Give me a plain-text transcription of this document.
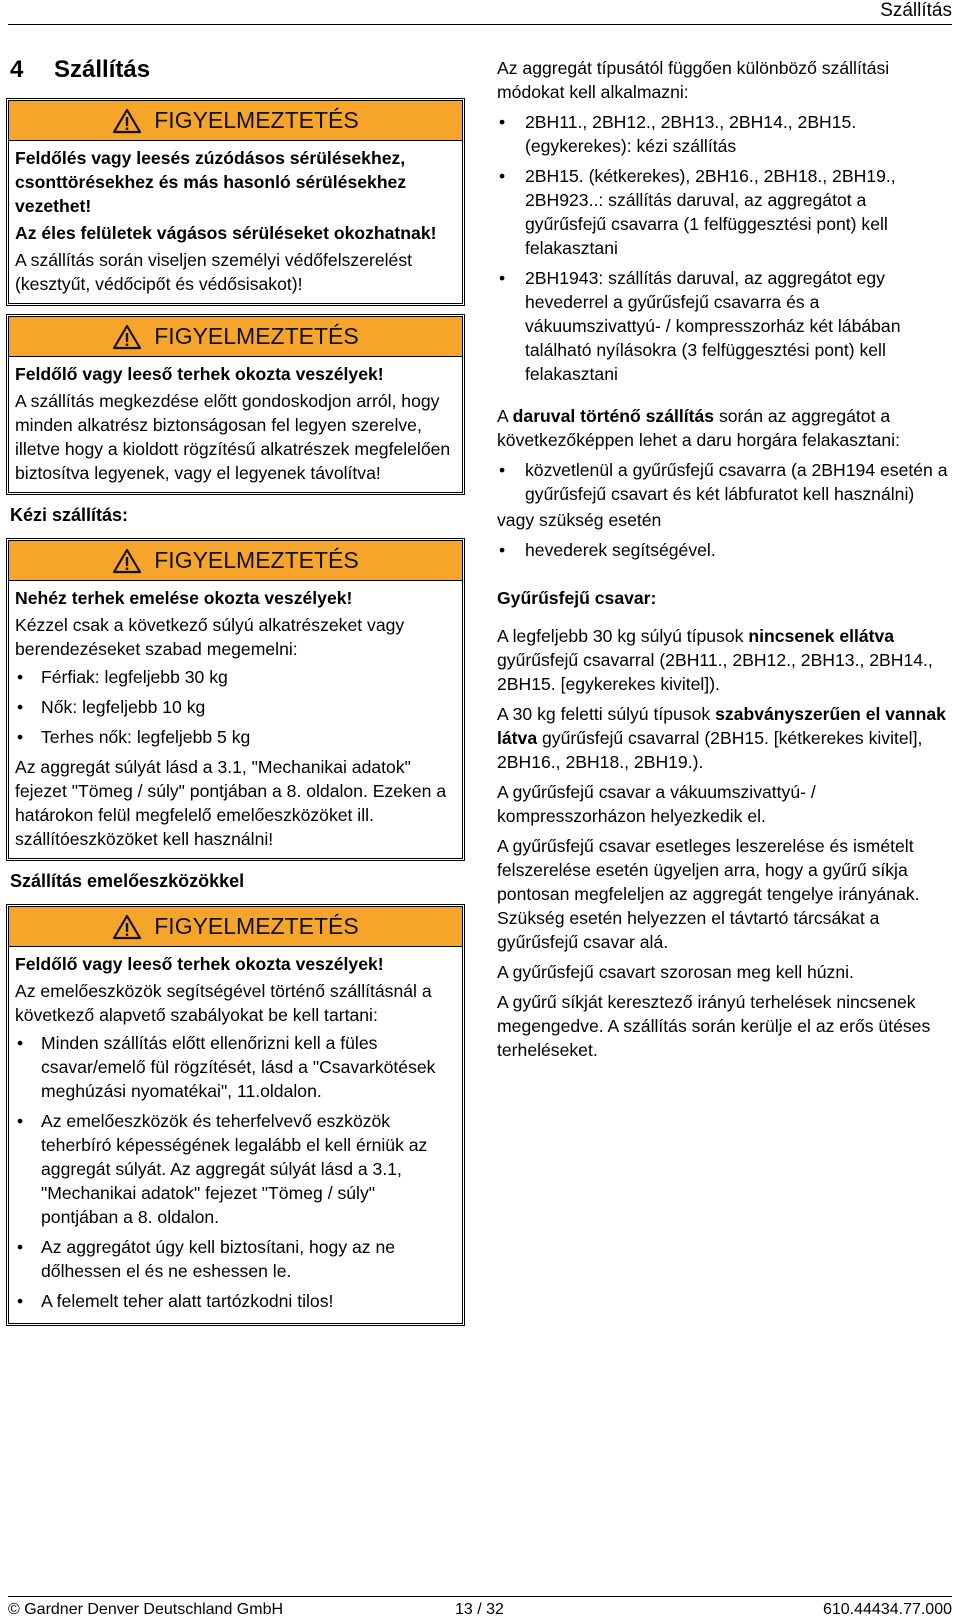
Szállítás
4 Szállítás
FIGYELMEZTETÉS

Feldőlés vagy leesés zúzódásos sérülésekhez, csonttörésekhez és más hasonló sérülésekhez vezethet!

Az éles felületek vágásos sérüléseket okozhatnak!

A szállítás során viseljen személyi védőfelszerelést (kesztyűt, védőcipőt és védősisakot)!

FIGYELMEZTETÉS

Feldőlő vagy leeső terhek okozta veszélyek!

A szállítás megkezdése előtt gondoskodjon arról, hogy minden alkatrész biztonságosan fel legyen szerelve, illetve hogy a kioldott rögzítésű alkatrészek megfelelően biztosítva legyenek, vagy el legyenek távolítva!

Kézi szállítás:
FIGYELMEZTETÉS

Nehéz terhek emelése okozta veszélyek!

Kézzel csak a következő súlyú alkatrészeket vagy berendezéseket szabad megemelni:

• Férfiak: legfeljebb 30 kg
• Nők: legfeljebb 10 kg
• Terhes nők: legfeljebb 5 kg

Az aggregát súlyát lásd a 3.1, "Mechanikai adatok" fejezet "Tömeg / súly" pontjában a 8. oldalon. Ezeken a határokon felül megfelelő emelőeszközöket ill. szállítóeszközöket kell használni!

Szállítás emelőeszközökkel
FIGYELMEZTETÉS

Feldőlő vagy leeső terhek okozta veszélyek!

Az emelőeszközök segítségével történő szállításnál a következő alapvető szabályokat be kell tartani:

• Minden szállítás előtt ellenőrizni kell a füles csavar/emelő fül rögzítését, lásd a "Csavarkötések meghúzási nyomatékai", 11.oldalon.
• Az emelőeszközök és teherfelvevő eszközök teherbíró képességének legalább el kell érniük az aggregát súlyát. Az aggregát súlyát lásd a 3.1, "Mechanikai adatok" fejezet "Tömeg / súly" pontjában a 8. oldalon.
• Az aggregátot úgy kell biztosítani, hogy az ne dőlhessen el és ne eshessen le.
• A felemelt teher alatt tartózkodni tilos!

Az aggregát típusától függően különböző szállítási módokat kell alkalmazni:

• 2BH11., 2BH12., 2BH13., 2BH14., 2BH15. (egykerekes): kézi szállítás
• 2BH15. (kétkerekes), 2BH16., 2BH18., 2BH19., 2BH923..: szállítás daruval, az aggregátot a gyűrűsfejű csavarra (1 felfüggesztési pont) kell felakasztani
• 2BH1943: szállítás daruval, az aggregátot egy hevederrel a gyűrűsfejű csavarra és a vákuumszivattyú- / kompresszorház két lábában található nyílásokra (3 felfüggesztési pont) kell felakasztani

A daruval történő szállítás során az aggregátot a következőképpen lehet a daru horgára felakasztani:

• közvetlenül a gyűrűsfejű csavarra (a 2BH194 esetén a gyűrűsfejű csavart és két lábfuratot kell használni)

vagy szükség esetén

• hevederek segítségével.
Gyűrűsfejű csavar:

A legfeljebb 30 kg súlyú típusok nincsenek ellátva gyűrűsfejű csavarral (2BH11., 2BH12., 2BH13., 2BH14., 2BH15. [egykerekes kivitel]).

A 30 kg feletti súlyú típusok szabványszerűen el vannak látva gyűrűsfejű csavarral (2BH15. [kétkerekes kivitel], 2BH16., 2BH18., 2BH19.).

A gyűrűsfejű csavar a vákuumszivattyú- / kompresszorházon helyezkedik el.

A gyűrűsfejű csavar esetleges leszerelése és ismételt felszerelése esetén ügyeljen arra, hogy a gyűrű síkja pontosan megfeleljen az aggregát tengelye irányának. Szükség esetén helyezzen el távtartó tárcsákat a gyűrűsfejű csavar alá.

A gyűrűsfejű csavart szorosan meg kell húzni.

A gyűrű síkját keresztező irányú terhelések nincsenek megengedve. A szállítás során kerülje el az erős ütéses terheléseket.

© Gardner Denver Deutschland GmbH	13 / 32	610.44434.77.000
